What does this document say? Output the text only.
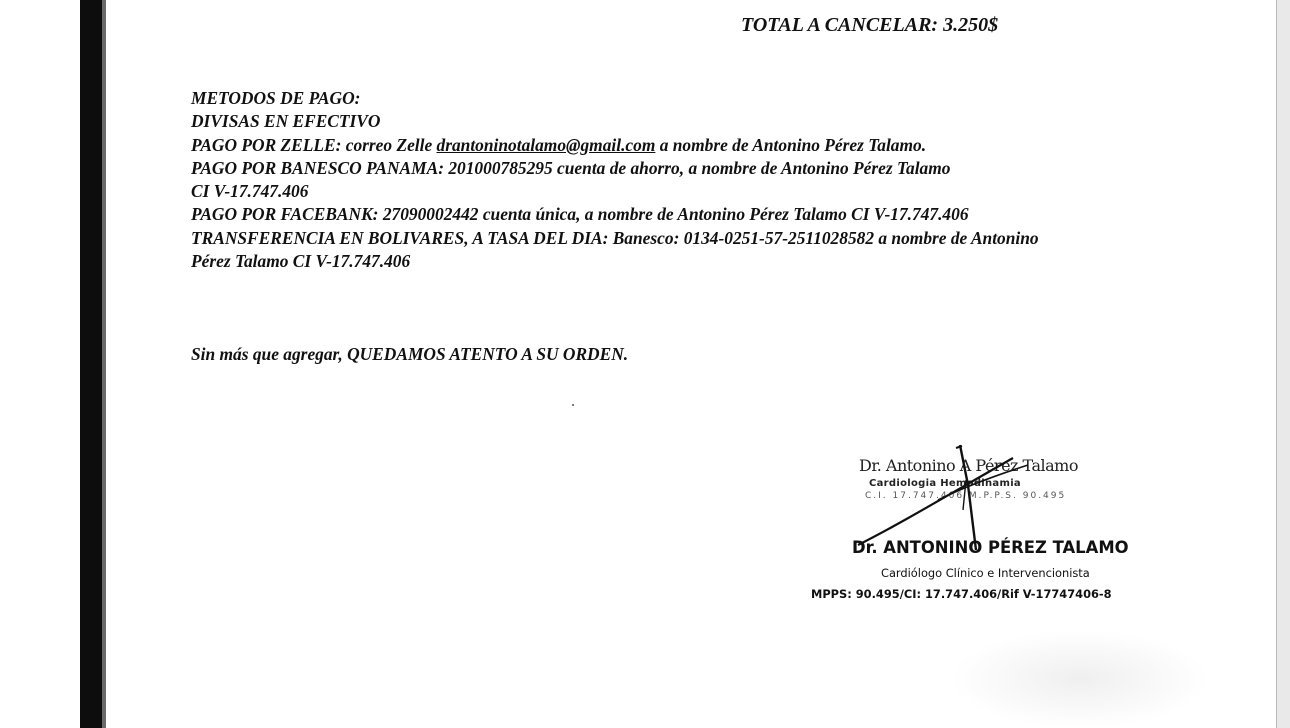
TOTAL A CANCELAR: 3.250$
METODOS DE PAGO:
DIVISAS EN EFECTIVO
PAGO POR ZELLE: correo Zelle drantoninotalamo@gmail.com a nombre de Antonino Pérez Talamo.
PAGO POR BANESCO PANAMA: 201000785295 cuenta de ahorro, a nombre de Antonino Pérez Talamo
CI V-17.747.406
PAGO POR FACEBANK: 27090002442 cuenta única, a nombre de Antonino Pérez Talamo CI V-17.747.406
TRANSFERENCIA EN BOLIVARES, A TASA DEL DIA: Banesco: 0134-0251-57-2511028582 a nombre de Antonino
Pérez Talamo CI V-17.747.406
Sin más que agregar, QUEDAMOS ATENTO A SU ORDEN.
Dr. Antonino A Pérez Talamo
Cardiologia Hemodinamia
C.I. 17.747.406 M.P.P.S. 90.495
Dr. ANTONINO PÉREZ TALAMO
Cardiólogo Clínico e Intervencionista
MPPS: 90.495/CI: 17.747.406/Rif V-17747406-8
